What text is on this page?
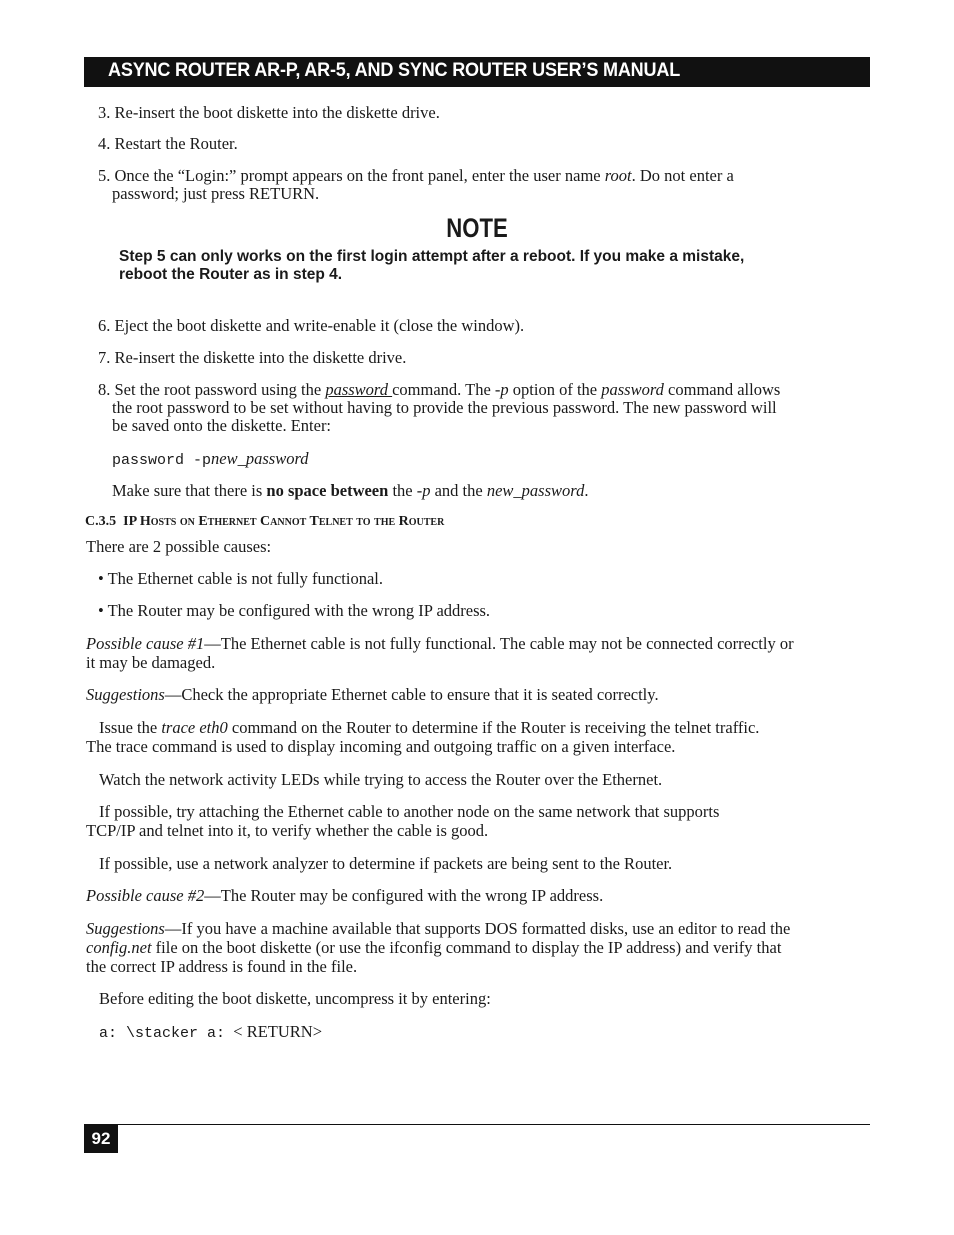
ASYNC ROUTER AR-P, AR-5, AND SYNC ROUTER USER’S MANUAL
3. Re-insert the boot diskette into the diskette drive.
4. Restart the Router.
5. Once the “Login:” prompt appears on the front panel, enter the user name root. Do not enter a
password; just press RETURN.
NOTE
Step 5 can only works on the first login attempt after a reboot. If you make a mistake,
reboot the Router as in step 4.
6. Eject the boot diskette and write-enable it (close the window).
7. Re-insert the diskette into the diskette drive.
8. Set the root password using the password command. The -p option of the password command allows
the root password to be set without having to provide the previous password. The new password will
be saved onto the diskette. Enter:
password -pnew_password
Make sure that there is no space between the -p and the new_password.
C.3.5 IP Hosts on Ethernet Cannot Telnet to the Router
There are 2 possible causes:
• The Ethernet cable is not fully functional.
• The Router may be configured with the wrong IP address.
Possible cause #1—The Ethernet cable is not fully functional. The cable may not be connected correctly or
it may be damaged.
Suggestions—Check the appropriate Ethernet cable to ensure that it is seated correctly.
Issue the trace eth0 command on the Router to determine if the Router is receiving the telnet traffic.
The trace command is used to display incoming and outgoing traffic on a given interface.
Watch the network activity LEDs while trying to access the Router over the Ethernet.
If possible, try attaching the Ethernet cable to another node on the same network that supports
TCP/IP and telnet into it, to verify whether the cable is good.
If possible, use a network analyzer to determine if packets are being sent to the Router.
Possible cause #2—The Router may be configured with the wrong IP address.
Suggestions—If you have a machine available that supports DOS formatted disks, use an editor to read the
config.net file on the boot diskette (or use the ifconfig command to display the IP address) and verify that
the correct IP address is found in the file.
Before editing the boot diskette, uncompress it by entering:
a: \stacker a: < RETURN>
92
